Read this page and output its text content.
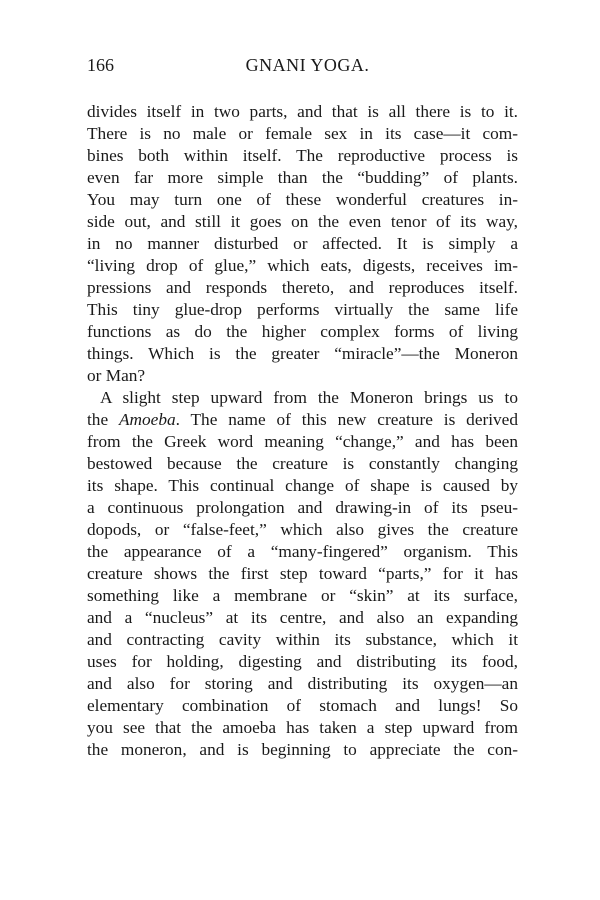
166	GNANI YOGA.
divides itself in two parts, and that is all there is to it.
There is no male or female sex in its case—it com-
bines both within itself. The reproductive process is
even far more simple than the “budding” of plants.
You may turn one of these wonderful creatures in-
side out, and still it goes on the even tenor of its way,
in no manner disturbed or affected. It is simply a
“living drop of glue,” which eats, digests, receives im-
pressions and responds thereto, and reproduces itself.
This tiny glue-drop performs virtually the same life
functions as do the higher complex forms of living
things. Which is the greater “miracle”—the Moneron
or Man?
A slight step upward from the Moneron brings us to
the Amoeba. The name of this new creature is derived
from the Greek word meaning “change,” and has been
bestowed because the creature is constantly changing
its shape. This continual change of shape is caused by
a continuous prolongation and drawing-in of its pseu-
dopods, or “false-feet,” which also gives the creature
the appearance of a “many-fingered” organism. This
creature shows the first step toward “parts,” for it has
something like a membrane or “skin” at its surface,
and a “nucleus” at its centre, and also an expanding
and contracting cavity within its substance, which it
uses for holding, digesting and distributing its food,
and also for storing and distributing its oxygen—an
elementary combination of stomach and lungs! So
you see that the amoeba has taken a step upward from
the moneron, and is beginning to appreciate the con-
